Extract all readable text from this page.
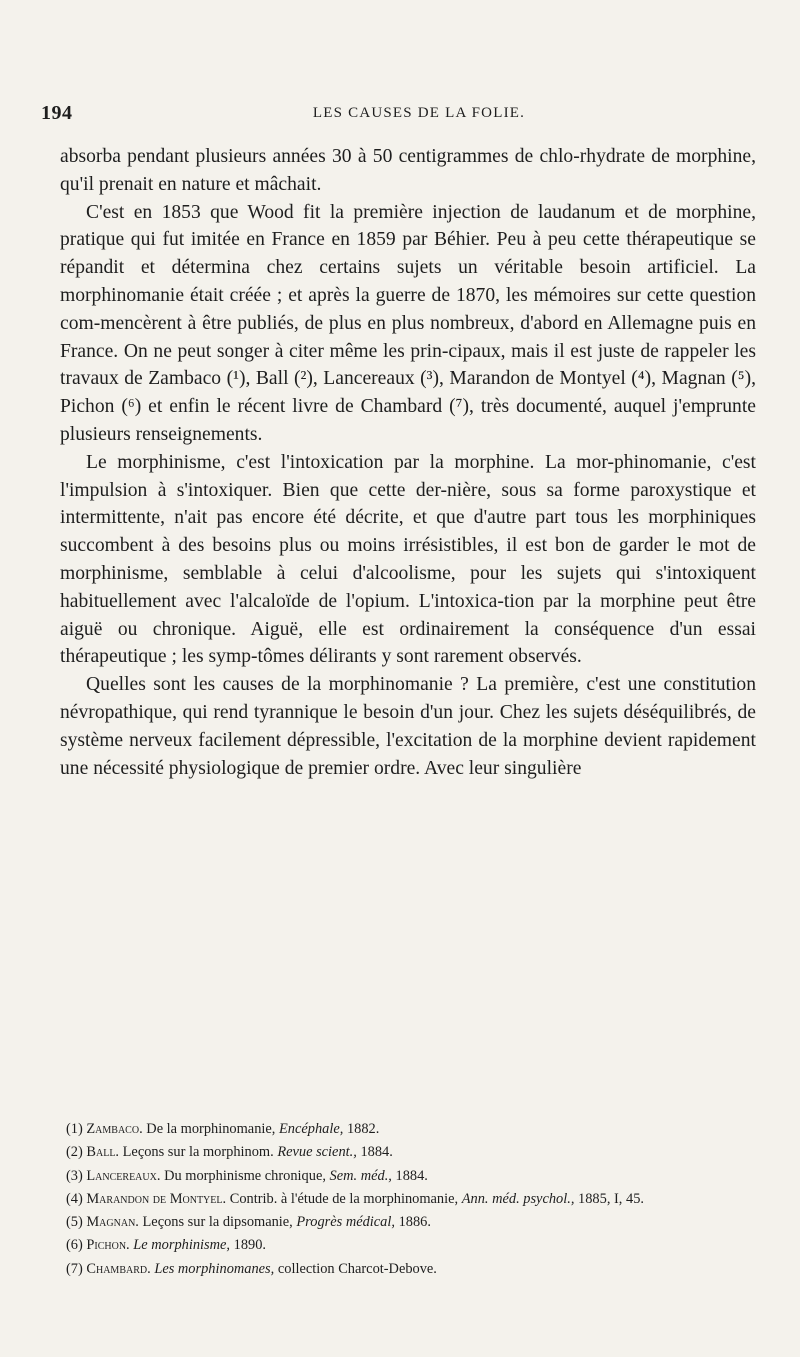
194	LES CAUSES DE LA FOLIE.

absorba pendant plusieurs années 30 à 50 centigrammes de chlo-rhydrate de morphine, qu'il prenait en nature et mâchait.

C'est en 1853 que Wood fit la première injection de laudanum et de morphine, pratique qui fut imitée en France en 1859 par Béhier. Peu à peu cette thérapeutique se répandit et détermina chez certains sujets un véritable besoin artificiel. La morphinomanie était créée ; et après la guerre de 1870, les mémoires sur cette question com-mencèrent à être publiés, de plus en plus nombreux, d'abord en Allemagne puis en France. On ne peut songer à citer même les prin-cipaux, mais il est juste de rappeler les travaux de Zambaco (¹), Ball (²), Lancereaux (³), Marandon de Montyel (⁴), Magnan (⁵), Pichon (⁶) et enfin le récent livre de Chambard (⁷), très documenté, auquel j'emprunte plusieurs renseignements.

Le morphinisme, c'est l'intoxication par la morphine. La mor-phinomanie, c'est l'impulsion à s'intoxiquer. Bien que cette der-nière, sous sa forme paroxystique et intermittente, n'ait pas encore été décrite, et que d'autre part tous les morphiniques succombent à des besoins plus ou moins irrésistibles, il est bon de garder le mot de morphinisme, semblable à celui d'alcoolisme, pour les sujets qui s'intoxiquent habituellement avec l'alcaloïde de l'opium. L'intoxica-tion par la morphine peut être aiguë ou chronique. Aiguë, elle est ordinairement la conséquence d'un essai thérapeutique ; les symp-tômes délirants y sont rarement observés.

Quelles sont les causes de la morphinomanie ? La première, c'est une constitution névropathique, qui rend tyrannique le besoin d'un jour. Chez les sujets déséquilibrés, de système nerveux facilement dépressible, l'excitation de la morphine devient rapidement une nécessité physiologique de premier ordre. Avec leur singulière

(1) Zambaco. De la morphinomanie, Encéphale, 1882.

(2) Ball. Leçons sur la morphinom. Revue scient., 1884.

(3) Lancereaux. Du morphinisme chronique, Sem. méd., 1884.

(4) Marandon de Montyel. Contrib. à l'étude de la morphinomanie, Ann. méd. psychol., 1885, I, 45.

(5) Magnan. Leçons sur la dipsomanie, Progrès médical, 1886.

(6) Pichon. Le morphinisme, 1890.

(7) Chambard. Les morphinomanes, collection Charcot-Debove.
